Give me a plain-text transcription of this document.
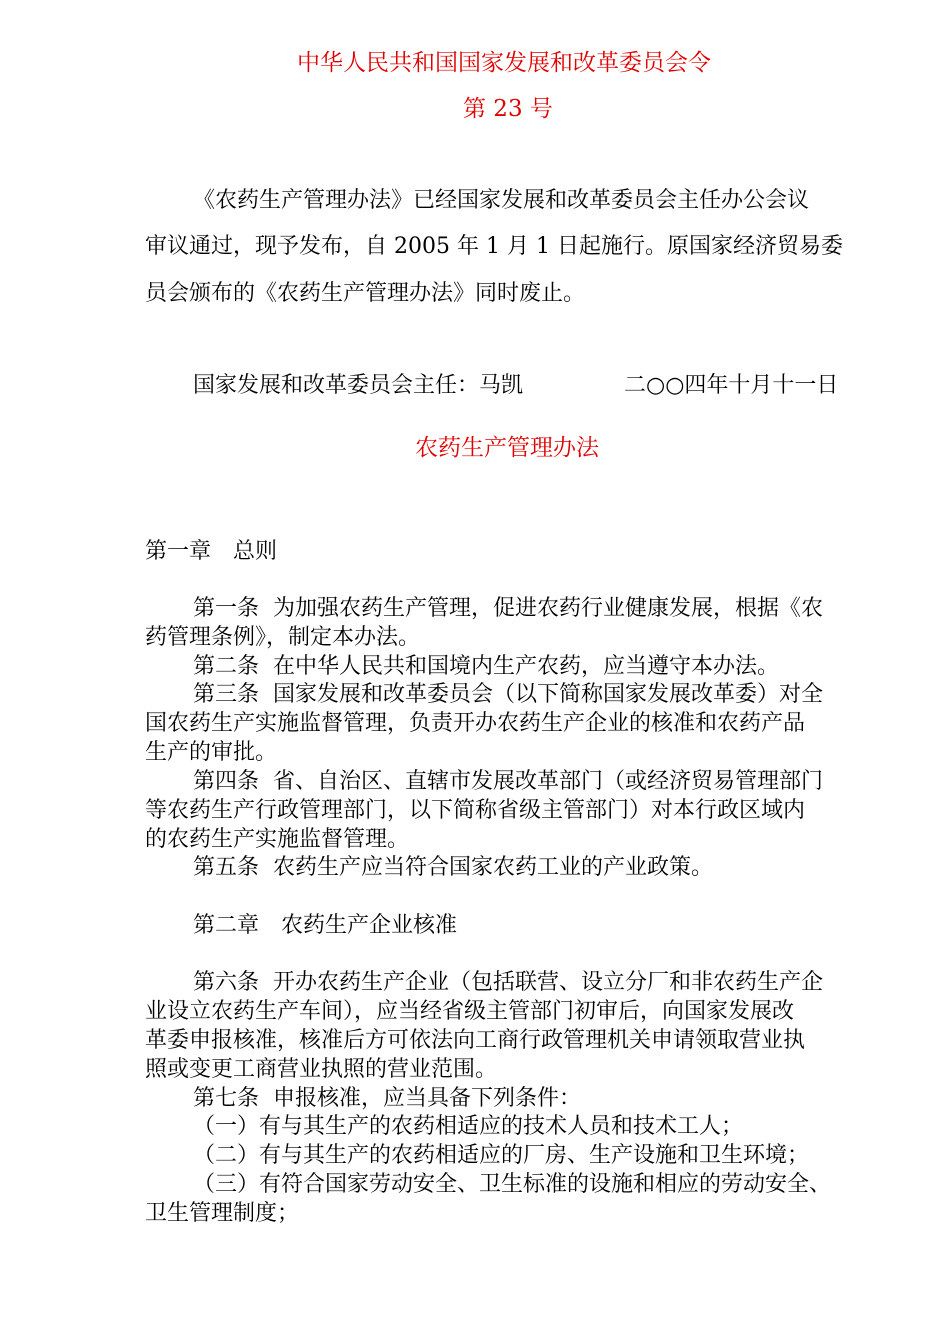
中华人民共和国国家发展和改革委员会令
第 23 号
《农药生产管理办法》已经国家发展和改革委员会主任办公会议
审议通过，现予发布，自 2005 年 1 月 1 日起施行。原国家经济贸易委
员会颁布的《农药生产管理办法》同时废止。
国家发展和改革委员会主任：马凯	二○○四年十月十一日
农药生产管理办法
第一章　总则
第一条  为加强农药生产管理，促进农药行业健康发展，根据《农
药管理条例》，制定本办法。
第二条  在中华人民共和国境内生产农药，应当遵守本办法。
第三条  国家发展和改革委员会（以下简称国家发展改革委）对全
国农药生产实施监督管理，负责开办农药生产企业的核准和农药产品
生产的审批。
第四条  省、自治区、直辖市发展改革部门（或经济贸易管理部门
等农药生产行政管理部门，以下简称省级主管部门）对本行政区域内
的农药生产实施监督管理。
第五条  农药生产应当符合国家农药工业的产业政策。
第二章　农药生产企业核准
第六条  开办农药生产企业（包括联营、设立分厂和非农药生产企
业设立农药生产车间），应当经省级主管部门初审后，向国家发展改
革委申报核准，核准后方可依法向工商行政管理机关申请领取营业执
照或变更工商营业执照的营业范围。
第七条  申报核准，应当具备下列条件：
（一）有与其生产的农药相适应的技术人员和技术工人；
（二）有与其生产的农药相适应的厂房、生产设施和卫生环境；
（三）有符合国家劳动安全、卫生标准的设施和相应的劳动安全、
卫生管理制度；
